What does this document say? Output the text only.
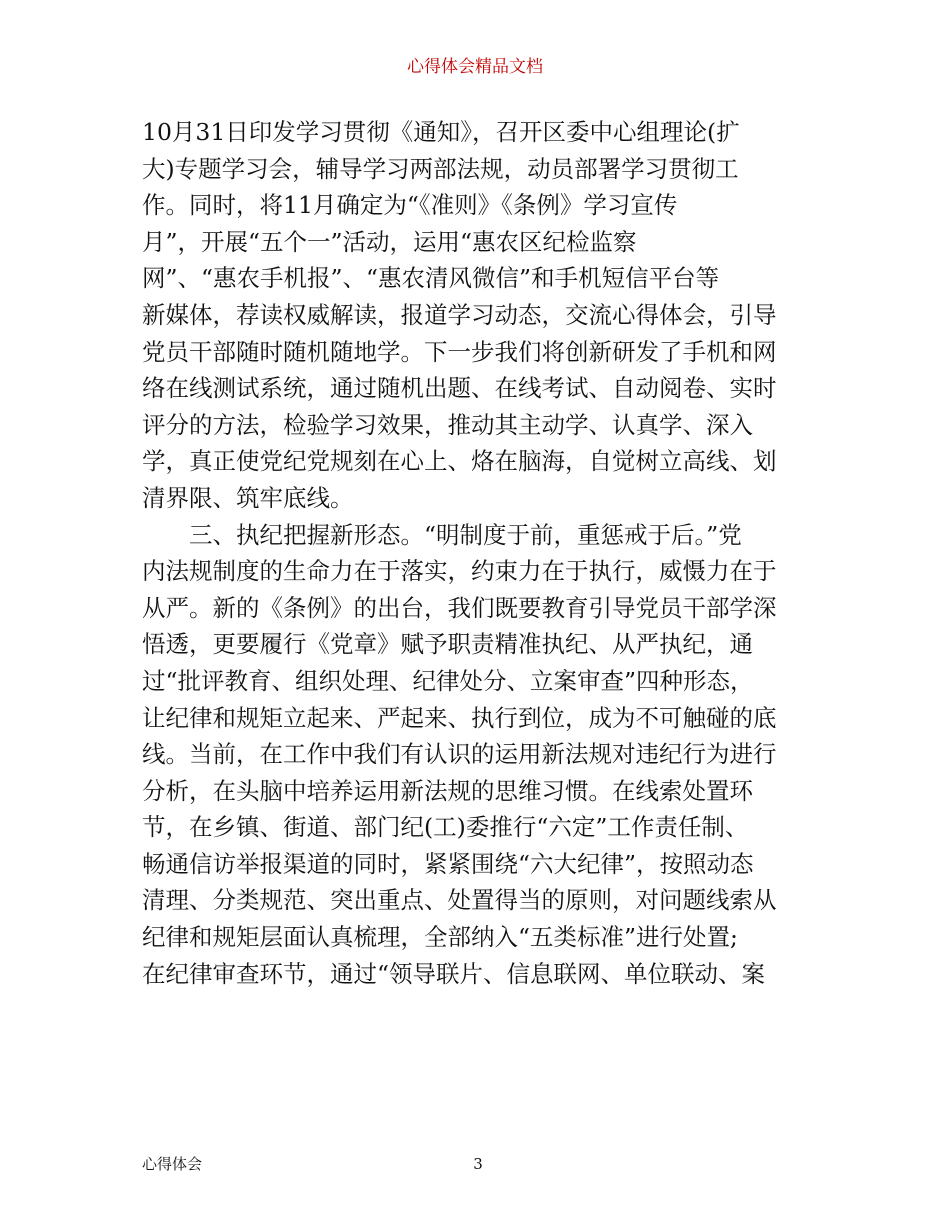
心得体会精品文档
10月31日印发学习贯彻《通知》，召开区委中心组理论(扩
大)专题学习会，辅导学习两部法规，动员部署学习贯彻工
作。同时，将11月确定为“《准则》《条例》学习宣传
月”，开展“五个一”活动，运用“惠农区纪检监察
网”、“惠农手机报”、“惠农清风微信”和手机短信平台等
新媒体，荐读权威解读，报道学习动态，交流心得体会，引导
党员干部随时随机随地学。下一步我们将创新研发了手机和网
络在线测试系统，通过随机出题、在线考试、自动阅卷、实时
评分的方法，检验学习效果，推动其主动学、认真学、深入
学，真正使党纪党规刻在心上、烙在脑海，自觉树立高线、划
清界限、筑牢底线。
　　三、执纪把握新形态。“明制度于前，重惩戒于后。”党
内法规制度的生命力在于落实，约束力在于执行，威慑力在于
从严。新的《条例》的出台，我们既要教育引导党员干部学深
悟透，更要履行《党章》赋予职责精准执纪、从严执纪，通
过“批评教育、组织处理、纪律处分、立案审查”四种形态，
让纪律和规矩立起来、严起来、执行到位，成为不可触碰的底
线。当前，在工作中我们有认识的运用新法规对违纪行为进行
分析，在头脑中培养运用新法规的思维习惯。在线索处置环
节，在乡镇、街道、部门纪(工)委推行“六定”工作责任制、
畅通信访举报渠道的同时，紧紧围绕“六大纪律”，按照动态
清理、分类规范、突出重点、处置得当的原则，对问题线索从
纪律和规矩层面认真梳理，全部纳入“五类标准”进行处置;
在纪律审查环节，通过“领导联片、信息联网、单位联动、案
心得体会	3
